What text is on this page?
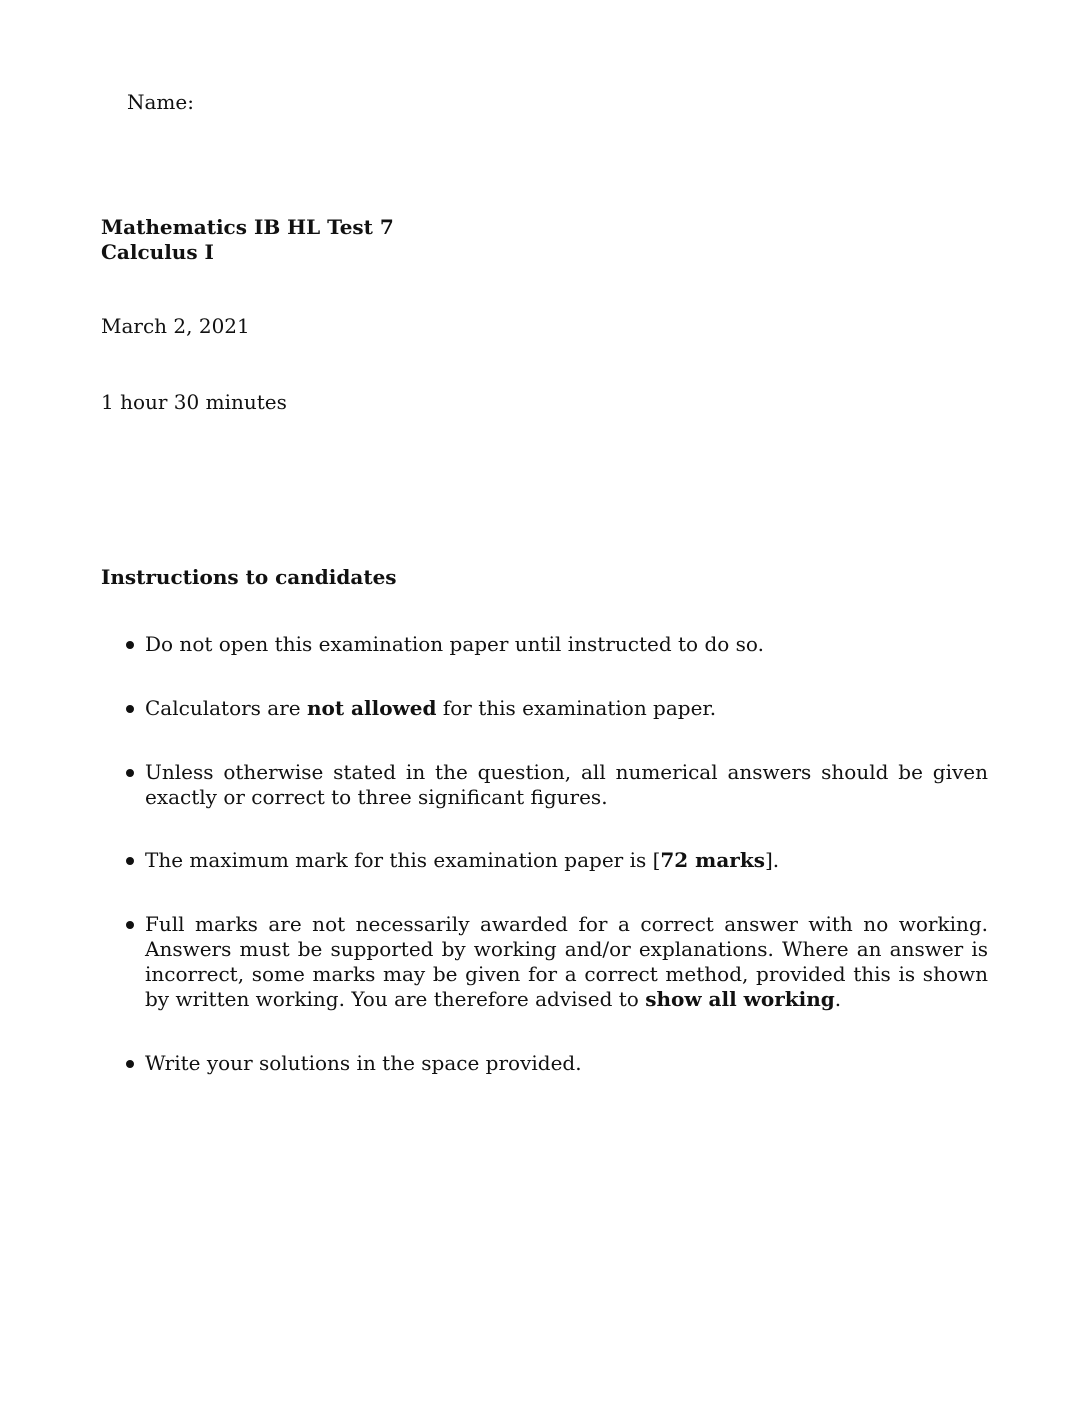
Name:
Mathematics IB HL Test 7
Calculus I
March 2, 2021
1 hour 30 minutes
Instructions to candidates
Do not open this examination paper until instructed to do so.
Calculators are not allowed for this examination paper.
Unless otherwise stated in the question, all numerical answers should be given exactly or correct to three significant figures.
The maximum mark for this examination paper is [72 marks].
Full marks are not necessarily awarded for a correct answer with no working. Answers must be supported by working and/or explanations. Where an answer is incorrect, some marks may be given for a correct method, provided this is shown by written working. You are therefore advised to show all working.
Write your solutions in the space provided.
